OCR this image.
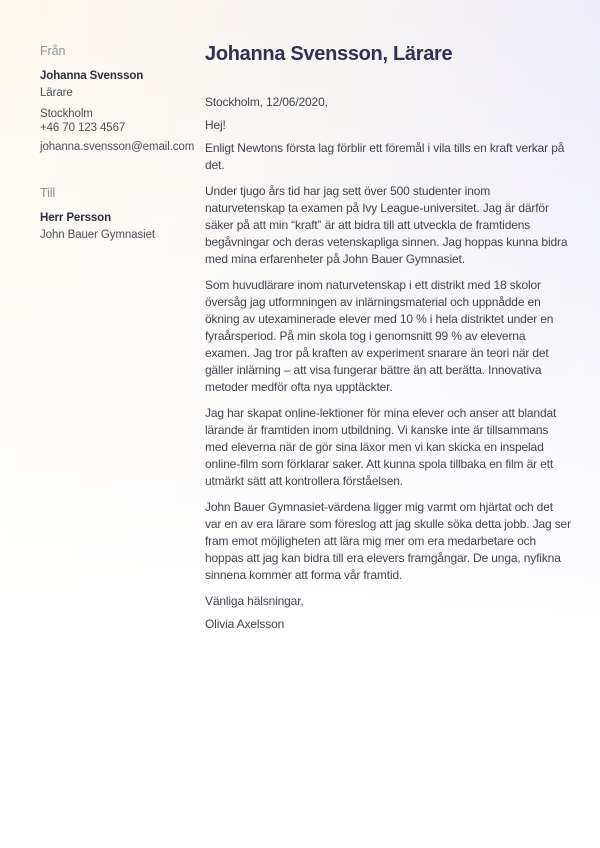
Från
Johanna Svensson
Lärare
Stockholm
+46 70 123 4567
johanna.svensson@email.com
Till
Herr Persson
John Bauer Gymnasiet
Johanna Svensson, Lärare

Stockholm, 12/06/2020,

Hej!

Enligt Newtons första lag förblir ett föremål i vila tills en kraft verkar på det.

Under tjugo års tid har jag sett över 500 studenter inom naturvetenskap ta examen på Ivy League-universitet. Jag är därför säker på att min “kraft” är att bidra till att utveckla de framtidens begåvningar och deras vetenskapliga sinnen. Jag hoppas kunna bidra med mina erfarenheter på John Bauer Gymnasiet.

Som huvudlärare inom naturvetenskap i ett distrikt med 18 skolor översåg jag utformningen av inlärningsmaterial och uppnådde en ökning av utexaminerade elever med 10 % i hela distriktet under en fyraårsperiod. På min skola tog i genomsnitt 99 % av eleverna examen. Jag tror på kraften av experiment snarare än teori när det gäller inlärning – att visa fungerar bättre än att berätta. Innovativa metoder medför ofta nya upptäckter.

Jag har skapat online-lektioner för mina elever och anser att blandat lärande är framtiden inom utbildning. Vi kanske inte är tillsammans med eleverna när de gör sina läxor men vi kan skicka en inspelad online-film som förklarar saker. Att kunna spola tillbaka en film är ett utmärkt sätt att kontrollera förståelsen.

John Bauer Gymnasiet-värdena ligger mig varmt om hjärtat och det var en av era lärare som föreslog att jag skulle söka detta jobb. Jag ser fram emot möjligheten att lära mig mer om era medarbetare och hoppas att jag kan bidra till era elevers framgångar. De unga, nyfikna sinnena kommer att forma vår framtid.

Vänliga hälsningar,

Olivia Axelsson
